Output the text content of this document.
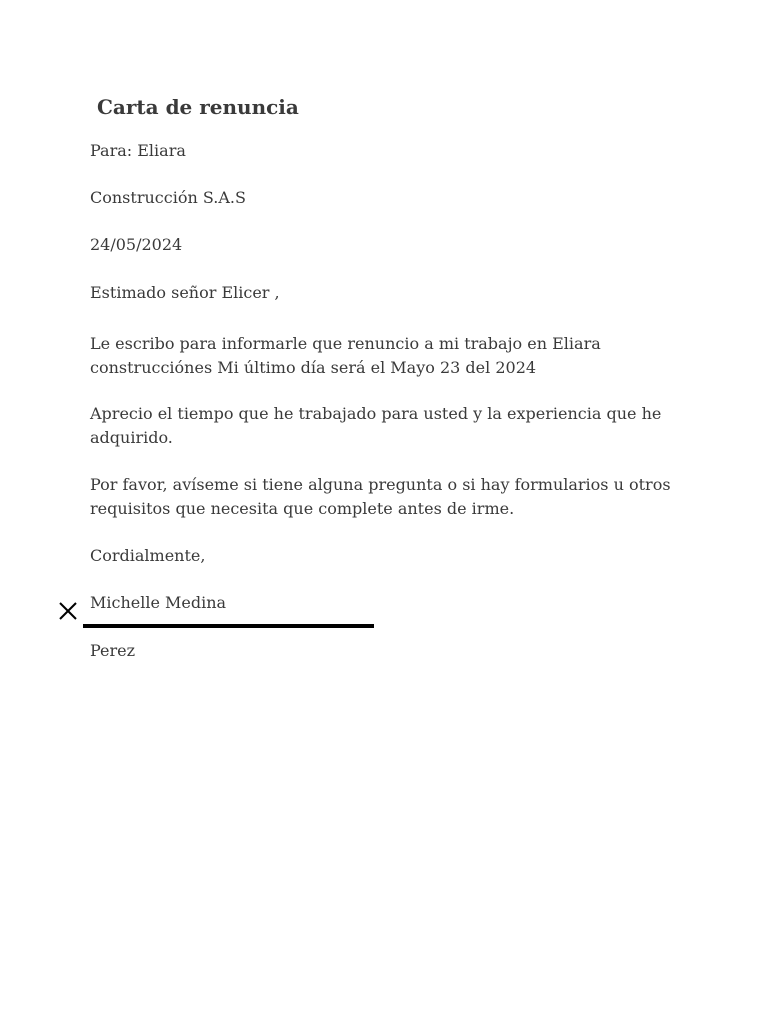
Carta de renuncia

Para: Eliara

Construcción S.A.S

24/05/2024

Estimado señor Elicer ,

Le escribo para informarle que renuncio a mi trabajo en Eliara construcciónes Mi último día será el Mayo 23 del 2024

Aprecio el tiempo que he trabajado para usted y la experiencia que he adquirido.

Por favor, avíseme si tiene alguna pregunta o si hay formularios u otros requisitos que necesita que complete antes de irme.

Cordialmente,

Michelle Medina

Perez
